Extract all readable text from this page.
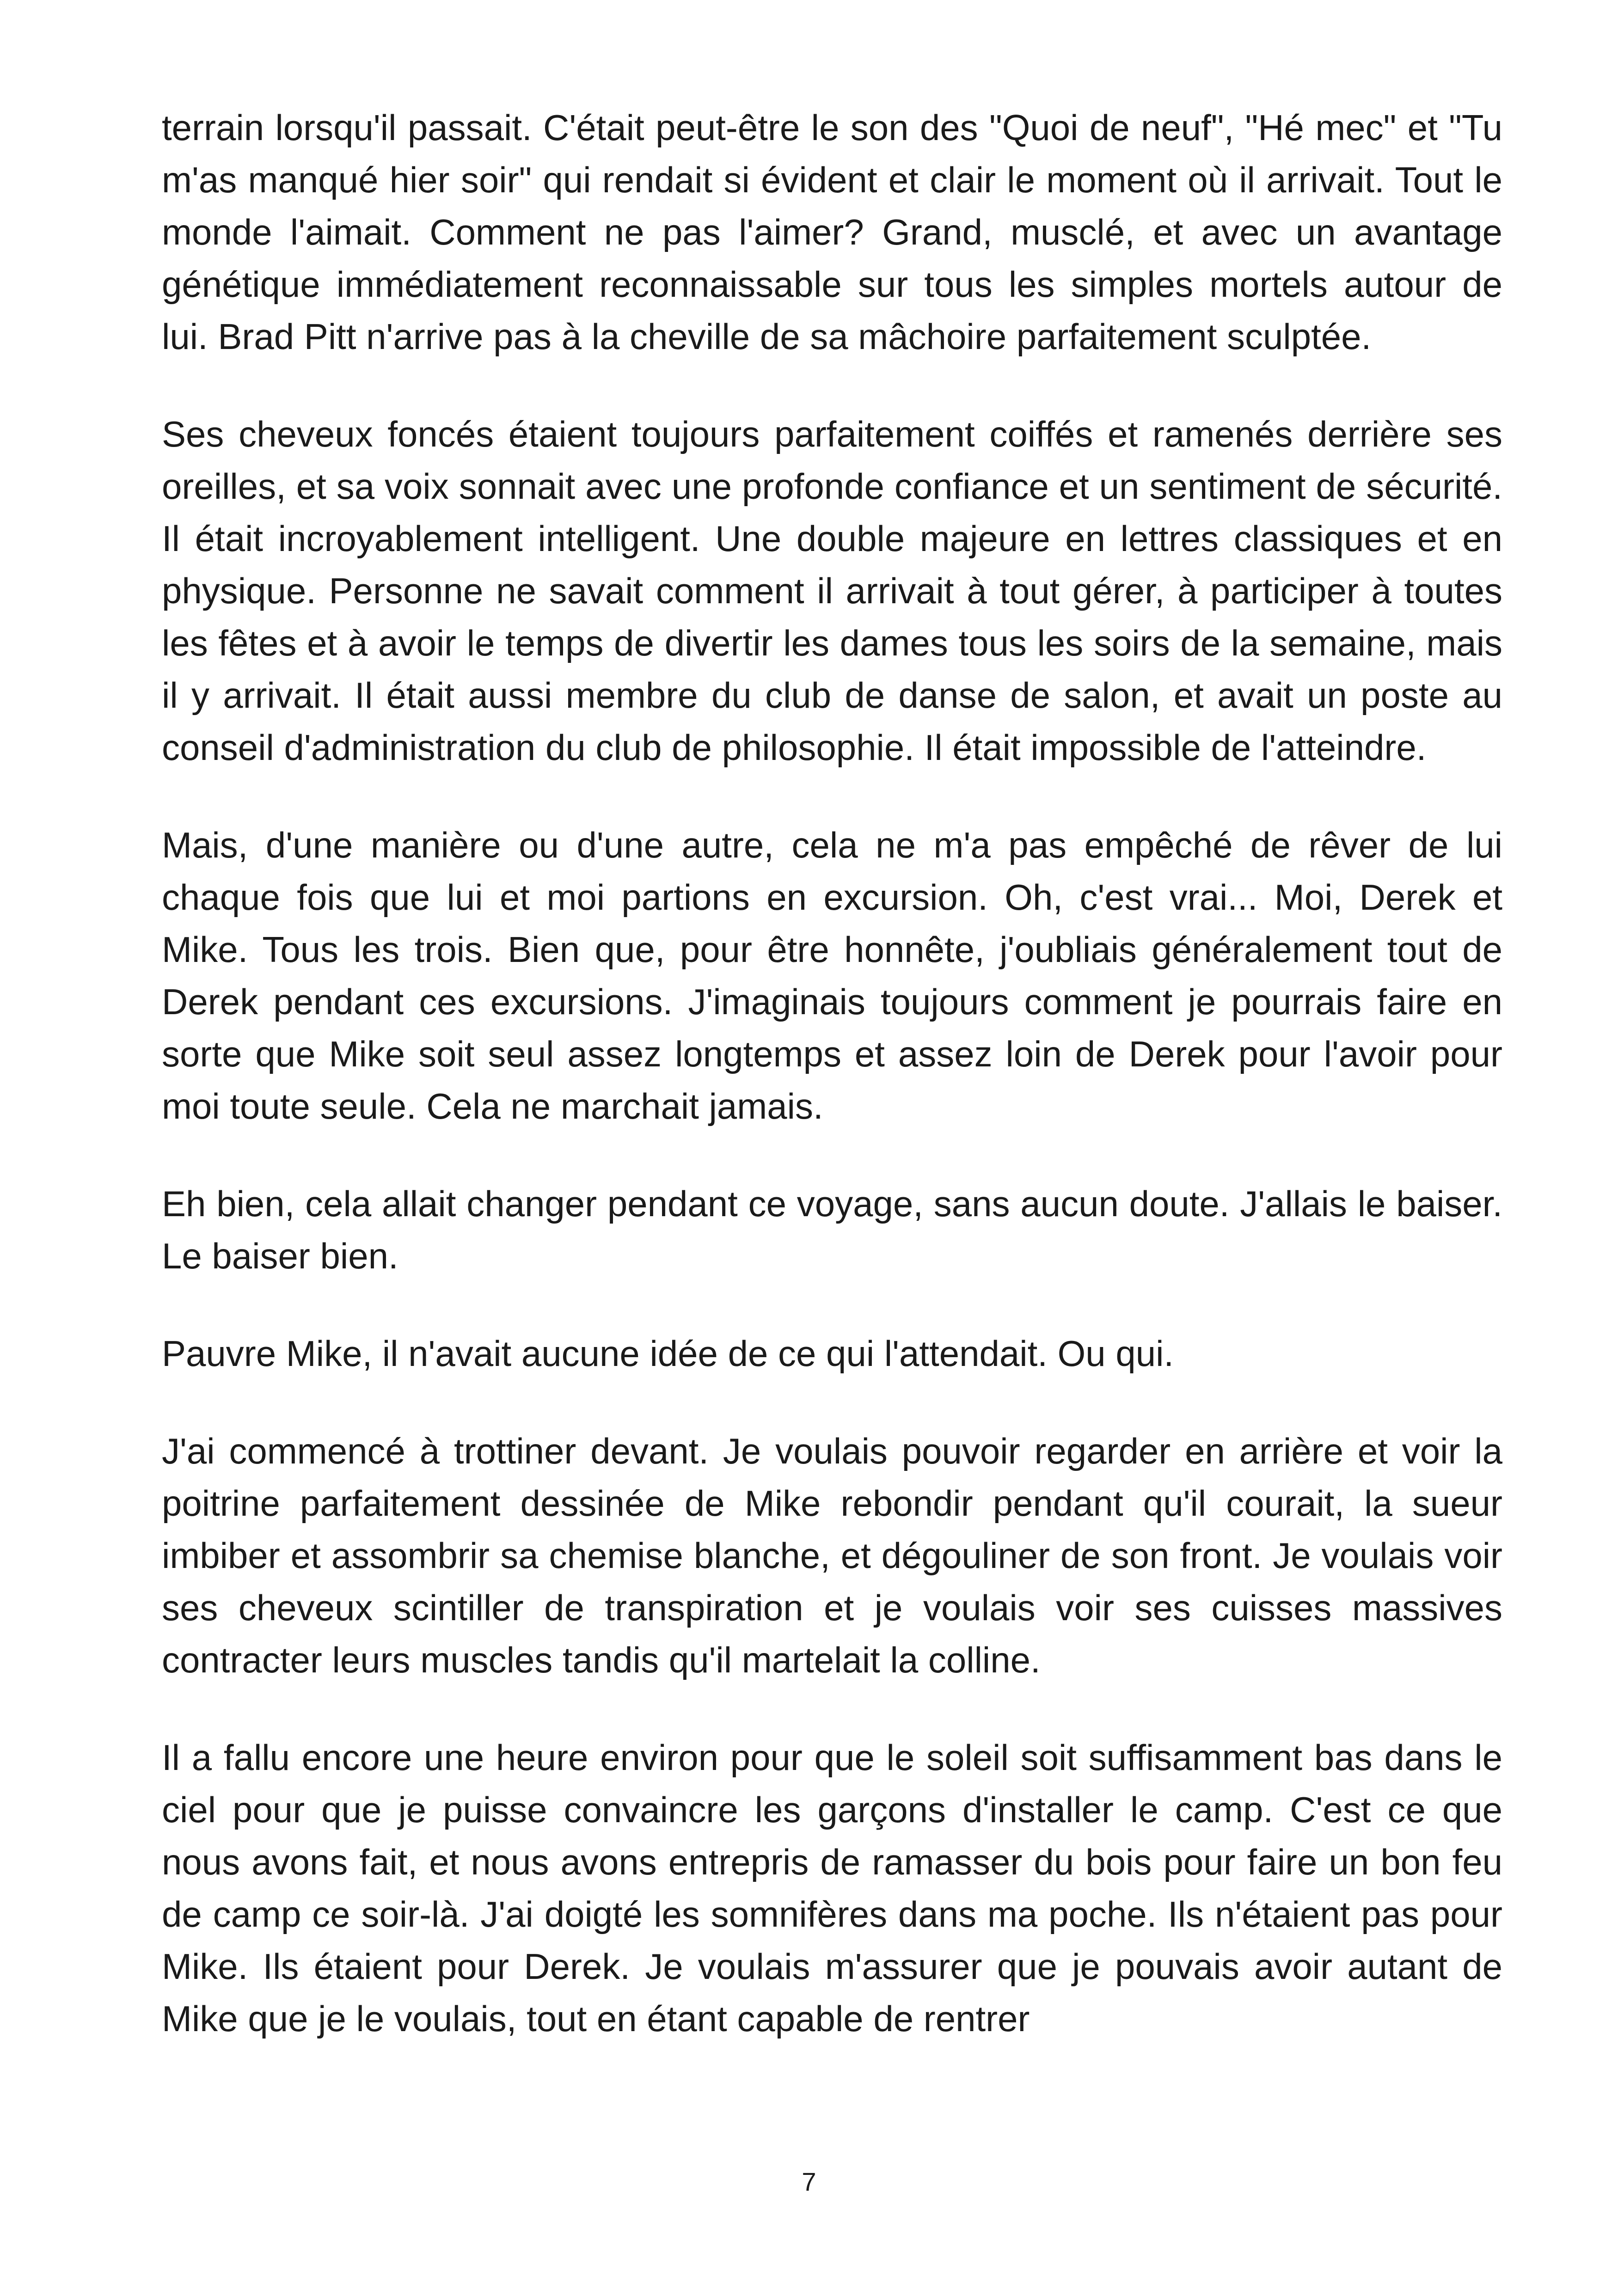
terrain lorsqu'il passait. C'était peut-être le son des "Quoi de neuf", "Hé mec" et "Tu m'as manqué hier soir" qui rendait si évident et clair le moment où il arrivait. Tout le monde l'aimait. Comment ne pas l'aimer? Grand, musclé, et avec un avantage génétique immédiatement reconnaissable sur tous les simples mortels autour de lui. Brad Pitt n'arrive pas à la cheville de sa mâchoire parfaitement sculptée.

Ses cheveux foncés étaient toujours parfaitement coiffés et ramenés derrière ses oreilles, et sa voix sonnait avec une profonde confiance et un sentiment de sécurité. Il était incroyablement intelligent. Une double majeure en lettres classiques et en physique. Personne ne savait comment il arrivait à tout gérer, à participer à toutes les fêtes et à avoir le temps de divertir les dames tous les soirs de la semaine, mais il y arrivait. Il était aussi membre du club de danse de salon, et avait un poste au conseil d'administration du club de philosophie. Il était impossible de l'atteindre.

Mais, d'une manière ou d'une autre, cela ne m'a pas empêché de rêver de lui chaque fois que lui et moi partions en excursion. Oh, c'est vrai... Moi, Derek et Mike. Tous les trois. Bien que, pour être honnête, j'oubliais généralement tout de Derek pendant ces excursions. J'imaginais toujours comment je pourrais faire en sorte que Mike soit seul assez longtemps et assez loin de Derek pour l'avoir pour moi toute seule. Cela ne marchait jamais.

Eh bien, cela allait changer pendant ce voyage, sans aucun doute. J'allais le baiser. Le baiser bien.

Pauvre Mike, il n'avait aucune idée de ce qui l'attendait. Ou qui.

J'ai commencé à trottiner devant. Je voulais pouvoir regarder en arrière et voir la poitrine parfaitement dessinée de Mike rebondir pendant qu'il courait, la sueur imbiber et assombrir sa chemise blanche, et dégouliner de son front. Je voulais voir ses cheveux scintiller de transpiration et je voulais voir ses cuisses massives contracter leurs muscles tandis qu'il martelait la colline.

Il a fallu encore une heure environ pour que le soleil soit suffisamment bas dans le ciel pour que je puisse convaincre les garçons d'installer le camp. C'est ce que nous avons fait, et nous avons entrepris de ramasser du bois pour faire un bon feu de camp ce soir-là. J'ai doigté les somnifères dans ma poche. Ils n'étaient pas pour Mike. Ils étaient pour Derek. Je voulais m'assurer que je pouvais avoir autant de Mike que je le voulais, tout en étant capable de rentrer

7
